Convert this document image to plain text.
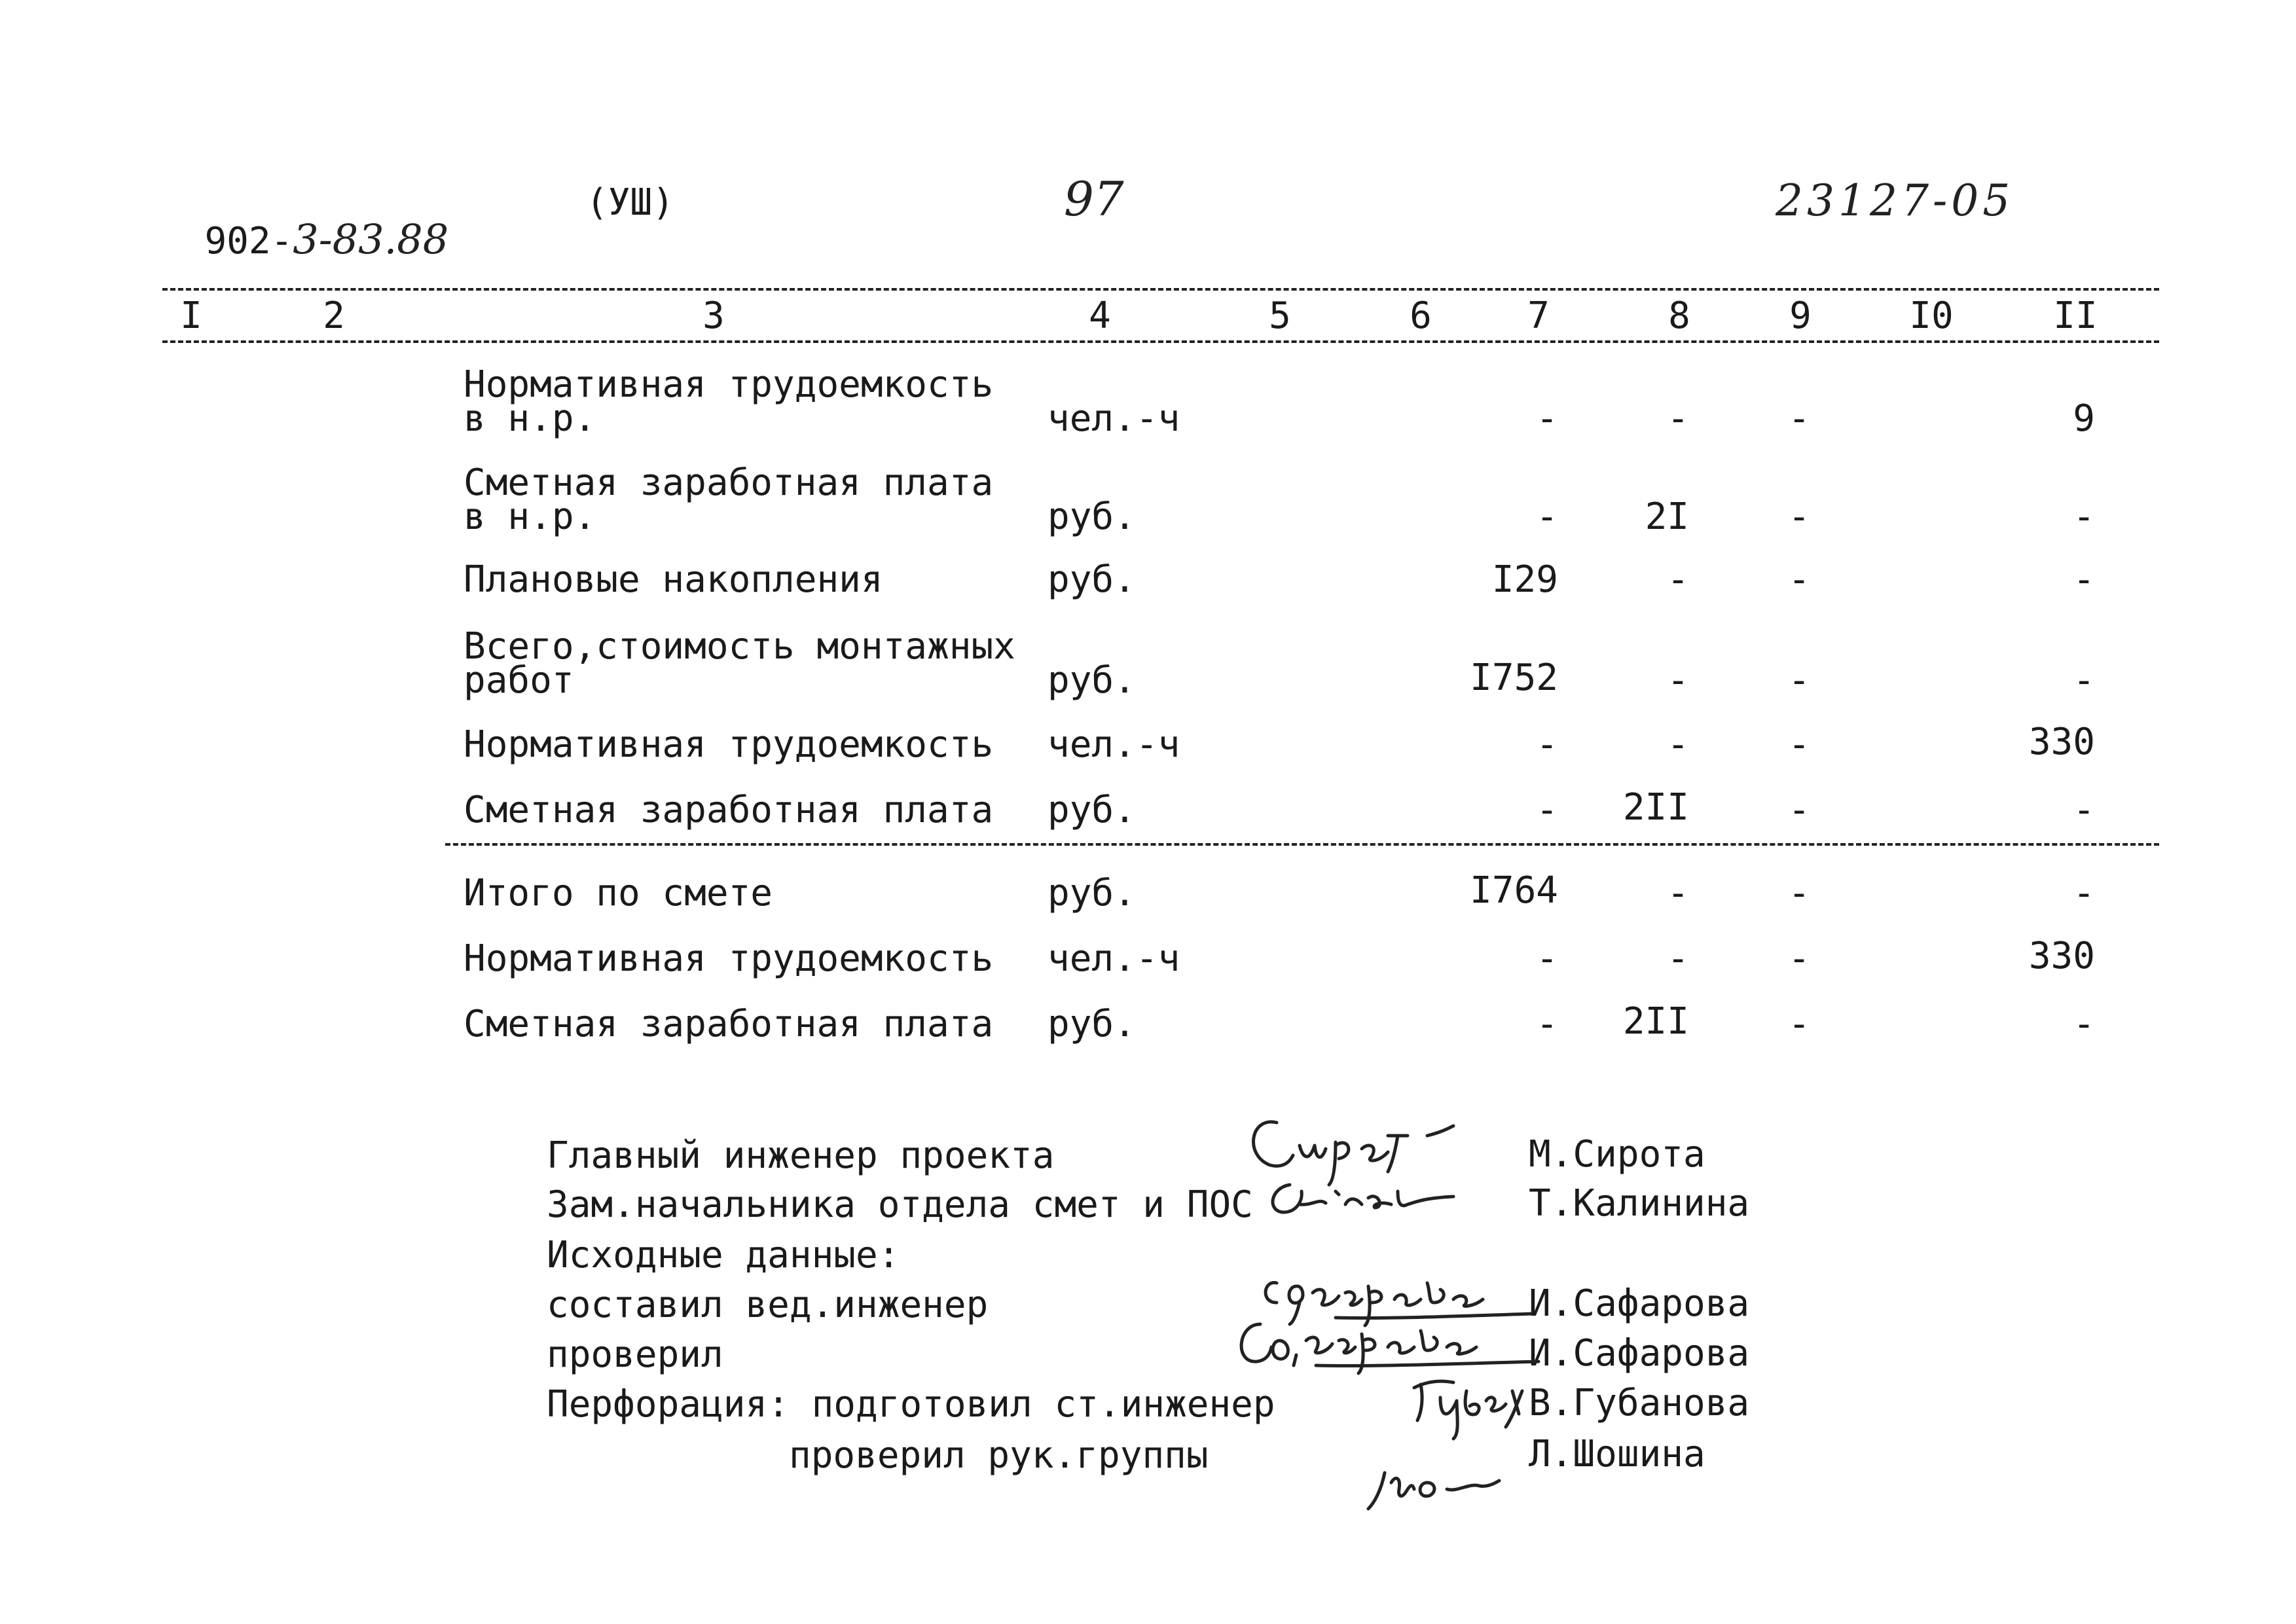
902-3-83.88

(УШ)	97	23127-05
I	2	3	4	5	6	7	8	9	I0	II
Нормативная трудоемкость
в н.р.	чел.-ч	-	-	-	9
Сметная заработная плата
в н.р.	руб.	-	2I	-	-
Плановые накопления	руб.	I29	-	-	-
Всего,стоимость монтажных
работ	руб.	I752	-	-	-
Нормативная трудоемкость чел.-ч	-	-	-	330
Сметная заработная плата руб.	-	2II	-	-
Итого по смете	руб.	I764	-	-	-
Нормативная трудоемкость чел.-ч	-	-	-	330
Сметная заработная плата руб.	-	2II	-	-
Главный инженер проекта
Зам.начальника отдела смет и ПОС
Исходные данные:
составил вед.инженер
проверил
Перфорация: подготовил ст.инженер
проверил рук.группы
М.Сирота
Т.Калинина
И.Сафарова
И.Сафарова
В.Губанова
Л.Шошина
